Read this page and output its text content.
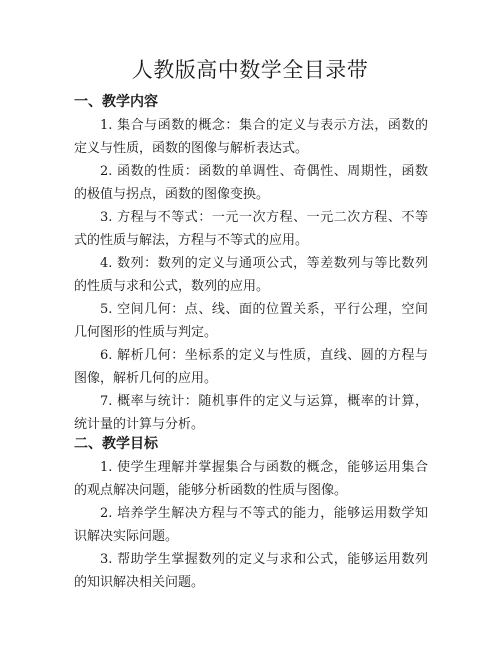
人教版高中数学全目录带
一、教学内容
1. 集合与函数的概念：集合的定义与表示方法，函数的定义与性质，函数的图像与解析表达式。
2. 函数的性质：函数的单调性、奇偶性、周期性，函数的极值与拐点，函数的图像变换。
3. 方程与不等式：一元一次方程、一元二次方程、不等式的性质与解法，方程与不等式的应用。
4. 数列：数列的定义与通项公式，等差数列与等比数列的性质与求和公式，数列的应用。
5. 空间几何：点、线、面的位置关系，平行公理，空间几何图形的性质与判定。
6. 解析几何：坐标系的定义与性质，直线、圆的方程与图像，解析几何的应用。
7. 概率与统计：随机事件的定义与运算，概率的计算，统计量的计算与分析。
二、教学目标
1. 使学生理解并掌握集合与函数的概念，能够运用集合的观点解决问题，能够分析函数的性质与图像。
2. 培养学生解决方程与不等式的能力，能够运用数学知识解决实际问题。
3. 帮助学生掌握数列的定义与求和公式，能够运用数列的知识解决相关问题。
